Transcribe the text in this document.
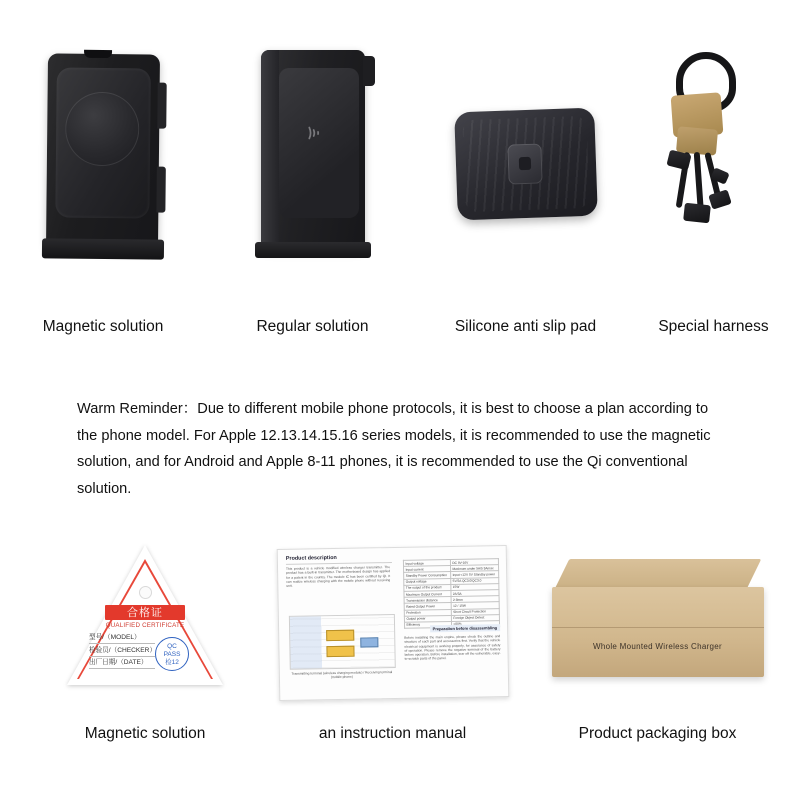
Magnetic solution	Regular solution	Silicone anti slip pad	Special harness
Warm Reminder：Due to different mobile phone protocols, it is best to choose a plan according to the phone model. For Apple 12.13.14.15.16 series models, it is recommended to use the magnetic solution, and for Android and Apple 8-11 phones, it is recommended to use the Qi conventional solution.
合格证
QUALIFIED CERTIFICATE
型号/（MODEL）
检验员/（CHECKER）
出厂日期/（DATE）
QC
PASS
检12
Magnetic solution
Product description
This product is a vehicle modified wireless charger transmitter. The product has a built-in transmitter. The motherboard design has applied for a patent in the country. The module IC has been certified by QI. It can realize wireless charging with the mobile phone without receiving unit.
Transmitting terminal (wireless charging module) / Receiving terminal (mobile phone)
Input voltage	DC 9V-16V
Input current	Maximum under 5A/5 3Amax
Standby Power Consumption	Input <12V 5V Standby power
Output voltage	5V/2A QC3.0/QC3.0
The output of the product	15W
Maximum Output Current	2A/3A
Transmission distance	2-8mm
Rated Output Power	12 / 15W
Protection	Short Circuit Protection
Output power	Foreign Object Detect
Efficiency	
Preparation before disassembling
Before installing the main engine, please check the outline and structure of each part and accessories first. Verify that the vehicle electrical equipment is working properly, for assurance of safety of operation. Please remove the negative terminal of the battery before operation. Before installation, tear off the vulnerable, easy-to-scratch parts of the panel.
an instruction manual
Whole Mounted Wireless Charger
Product packaging box
